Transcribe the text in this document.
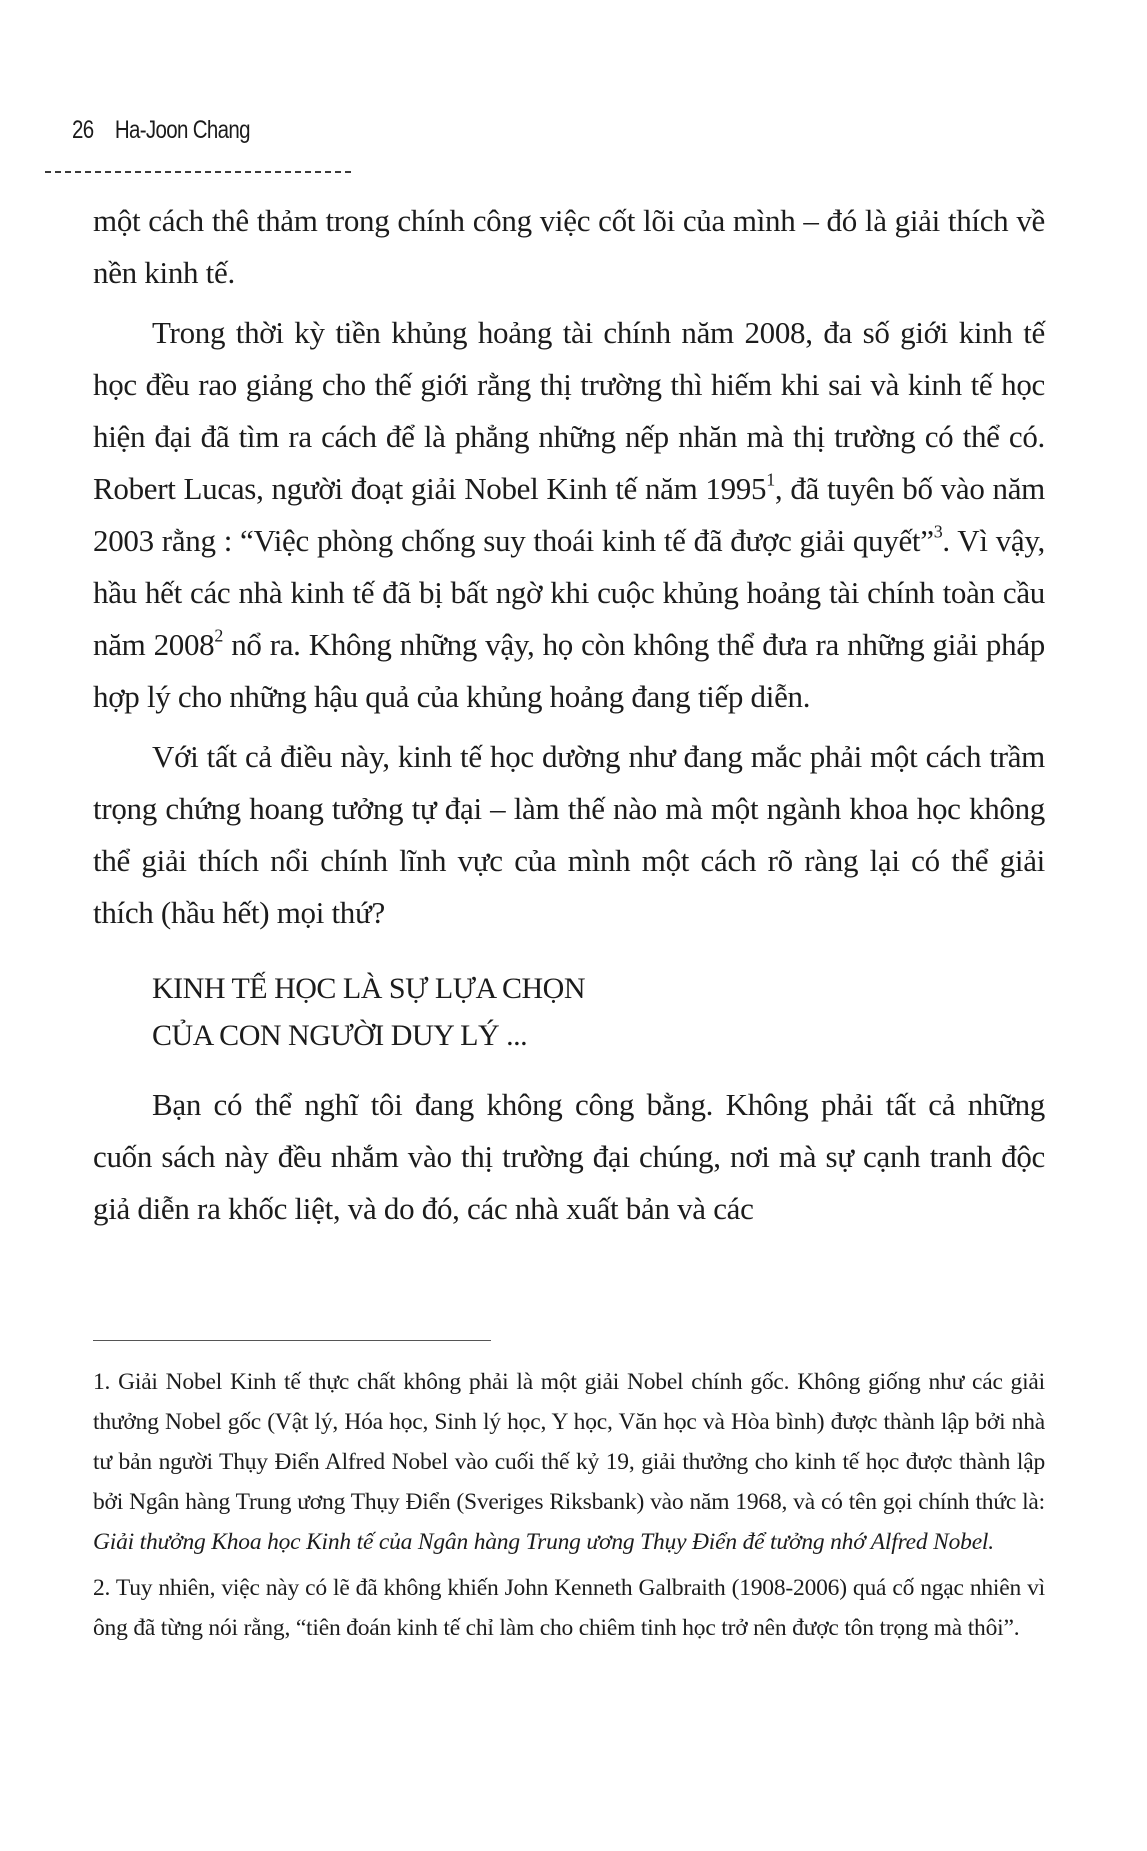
26 Ha-Joon Chang

một cách thê thảm trong chính công việc cốt lõi của mình – đó là giải thích về nền kinh tế.

Trong thời kỳ tiền khủng hoảng tài chính năm 2008, đa số giới kinh tế học đều rao giảng cho thế giới rằng thị trường thì hiếm khi sai và kinh tế học hiện đại đã tìm ra cách để là phẳng những nếp nhăn mà thị trường có thể có. Robert Lucas, người đoạt giải Nobel Kinh tế năm 1995$^1$, đã tuyên bố vào năm 2003 rằng : “Việc phòng chống suy thoái kinh tế đã được giải quyết”$^3$. Vì vậy, hầu hết các nhà kinh tế đã bị bất ngờ khi cuộc khủng hoảng tài chính toàn cầu năm 2008$^2$ nổ ra. Không những vậy, họ còn không thể đưa ra những giải pháp hợp lý cho những hậu quả của khủng hoảng đang tiếp diễn.

Với tất cả điều này, kinh tế học dường như đang mắc phải một cách trầm trọng chứng hoang tưởng tự đại – làm thế nào mà một ngành khoa học không thể giải thích nổi chính lĩnh vực của mình một cách rõ ràng lại có thể giải thích (hầu hết) mọi thứ?

KINH TẾ HỌC LÀ SỰ LỰA CHỌN
CỦA CON NGƯỜI DUY LÝ ...

Bạn có thể nghĩ tôi đang không công bằng. Không phải tất cả những cuốn sách này đều nhắm vào thị trường đại chúng, nơi mà sự cạnh tranh độc giả diễn ra khốc liệt, và do đó, các nhà xuất bản và các

1. Giải Nobel Kinh tế thực chất không phải là một giải Nobel chính gốc. Không giống như các giải thưởng Nobel gốc (Vật lý, Hóa học, Sinh lý học, Y học, Văn học và Hòa bình) được thành lập bởi nhà tư bản người Thụy Điển Alfred Nobel vào cuối thế kỷ 19, giải thưởng cho kinh tế học được thành lập bởi Ngân hàng Trung ương Thụy Điển (Sveriges Riksbank) vào năm 1968, và có tên gọi chính thức là: Giải thưởng Khoa học Kinh tế của Ngân hàng Trung ương Thụy Điển để tưởng nhớ Alfred Nobel.

2. Tuy nhiên, việc này có lẽ đã không khiến John Kenneth Galbraith (1908-2006) quá cố ngạc nhiên vì ông đã từng nói rằng, “tiên đoán kinh tế chỉ làm cho chiêm tinh học trở nên được tôn trọng mà thôi”.
